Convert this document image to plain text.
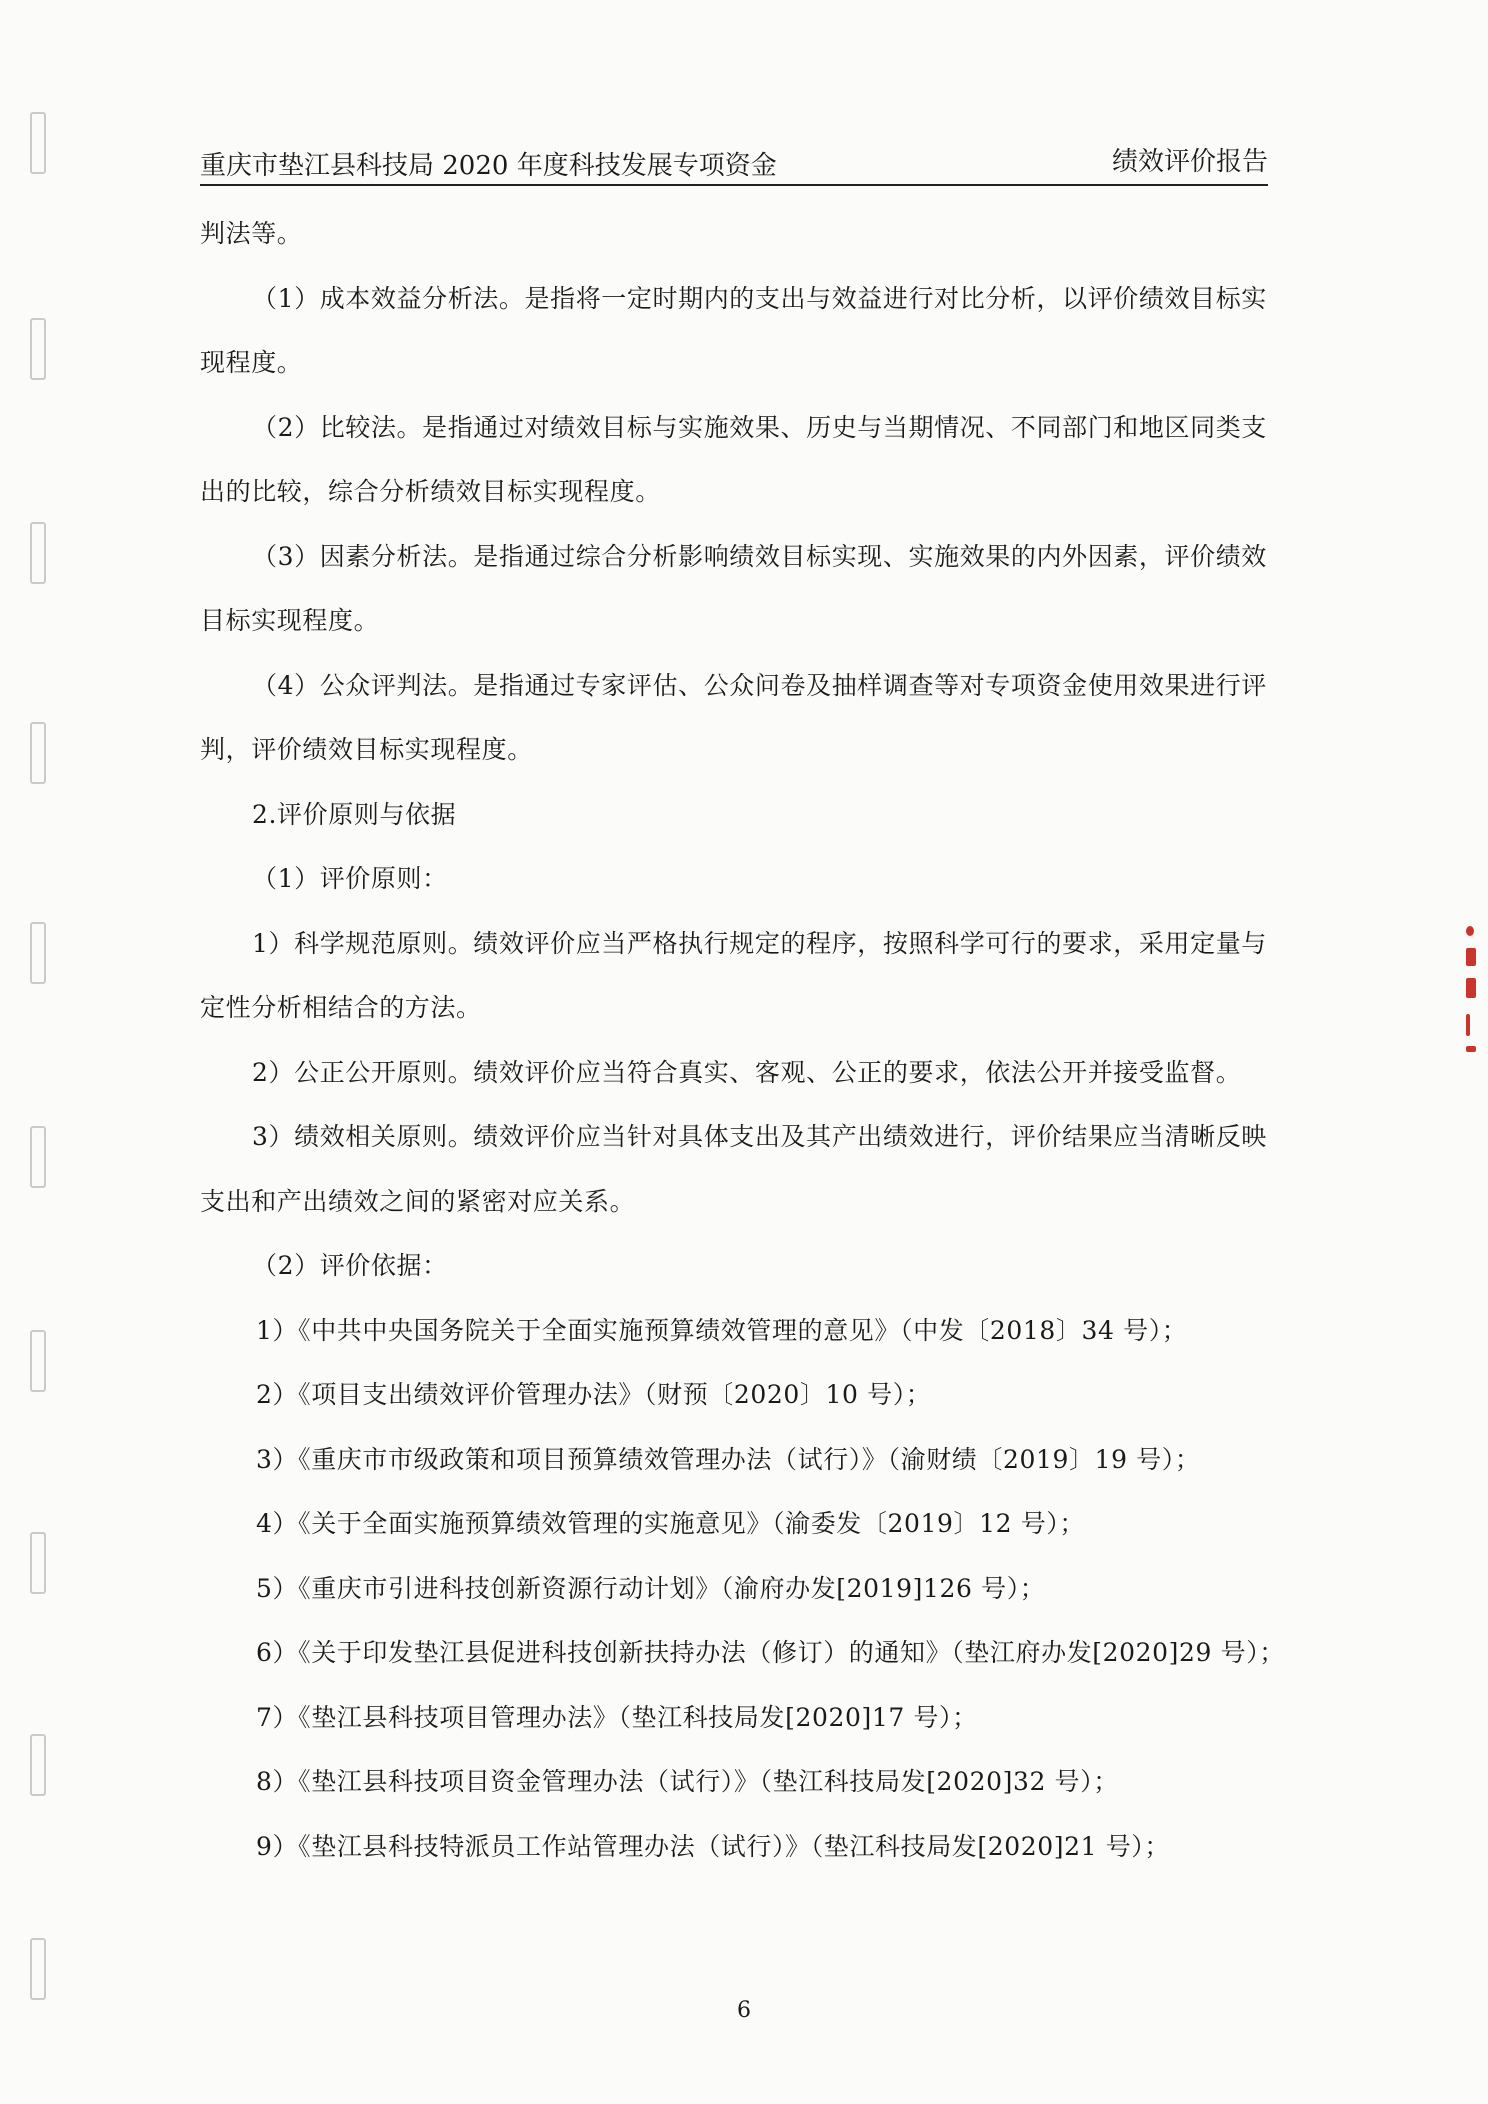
重庆市垫江县科技局 2020 年度科技发展专项资金	绩效评价报告
判法等。
（1）成本效益分析法。是指将一定时期内的支出与效益进行对比分析，以评价绩效目标实
现程度。
（2）比较法。是指通过对绩效目标与实施效果、历史与当期情况、不同部门和地区同类支
出的比较，综合分析绩效目标实现程度。
（3）因素分析法。是指通过综合分析影响绩效目标实现、实施效果的内外因素，评价绩效
目标实现程度。
（4）公众评判法。是指通过专家评估、公众问卷及抽样调查等对专项资金使用效果进行评
判，评价绩效目标实现程度。
2.评价原则与依据
（1）评价原则：
1）科学规范原则。绩效评价应当严格执行规定的程序，按照科学可行的要求，采用定量与
定性分析相结合的方法。
2）公正公开原则。绩效评价应当符合真实、客观、公正的要求，依法公开并接受监督。
3）绩效相关原则。绩效评价应当针对具体支出及其产出绩效进行，评价结果应当清晰反映
支出和产出绩效之间的紧密对应关系。
（2）评价依据：
1）《中共中央国务院关于全面实施预算绩效管理的意见》（中发〔2018〕34 号）；
2）《项目支出绩效评价管理办法》（财预〔2020〕10 号）；
3）《重庆市市级政策和项目预算绩效管理办法（试行）》（渝财绩〔2019〕19 号）；
4）《关于全面实施预算绩效管理的实施意见》（渝委发〔2019〕12 号）；
5）《重庆市引进科技创新资源行动计划》（渝府办发[2019]126 号）；
6）《关于印发垫江县促进科技创新扶持办法（修订）的通知》（垫江府办发[2020]29 号）；
7）《垫江县科技项目管理办法》（垫江科技局发[2020]17 号）；
8）《垫江县科技项目资金管理办法（试行）》（垫江科技局发[2020]32 号）；
9）《垫江县科技特派员工作站管理办法（试行）》（垫江科技局发[2020]21 号）；
6
